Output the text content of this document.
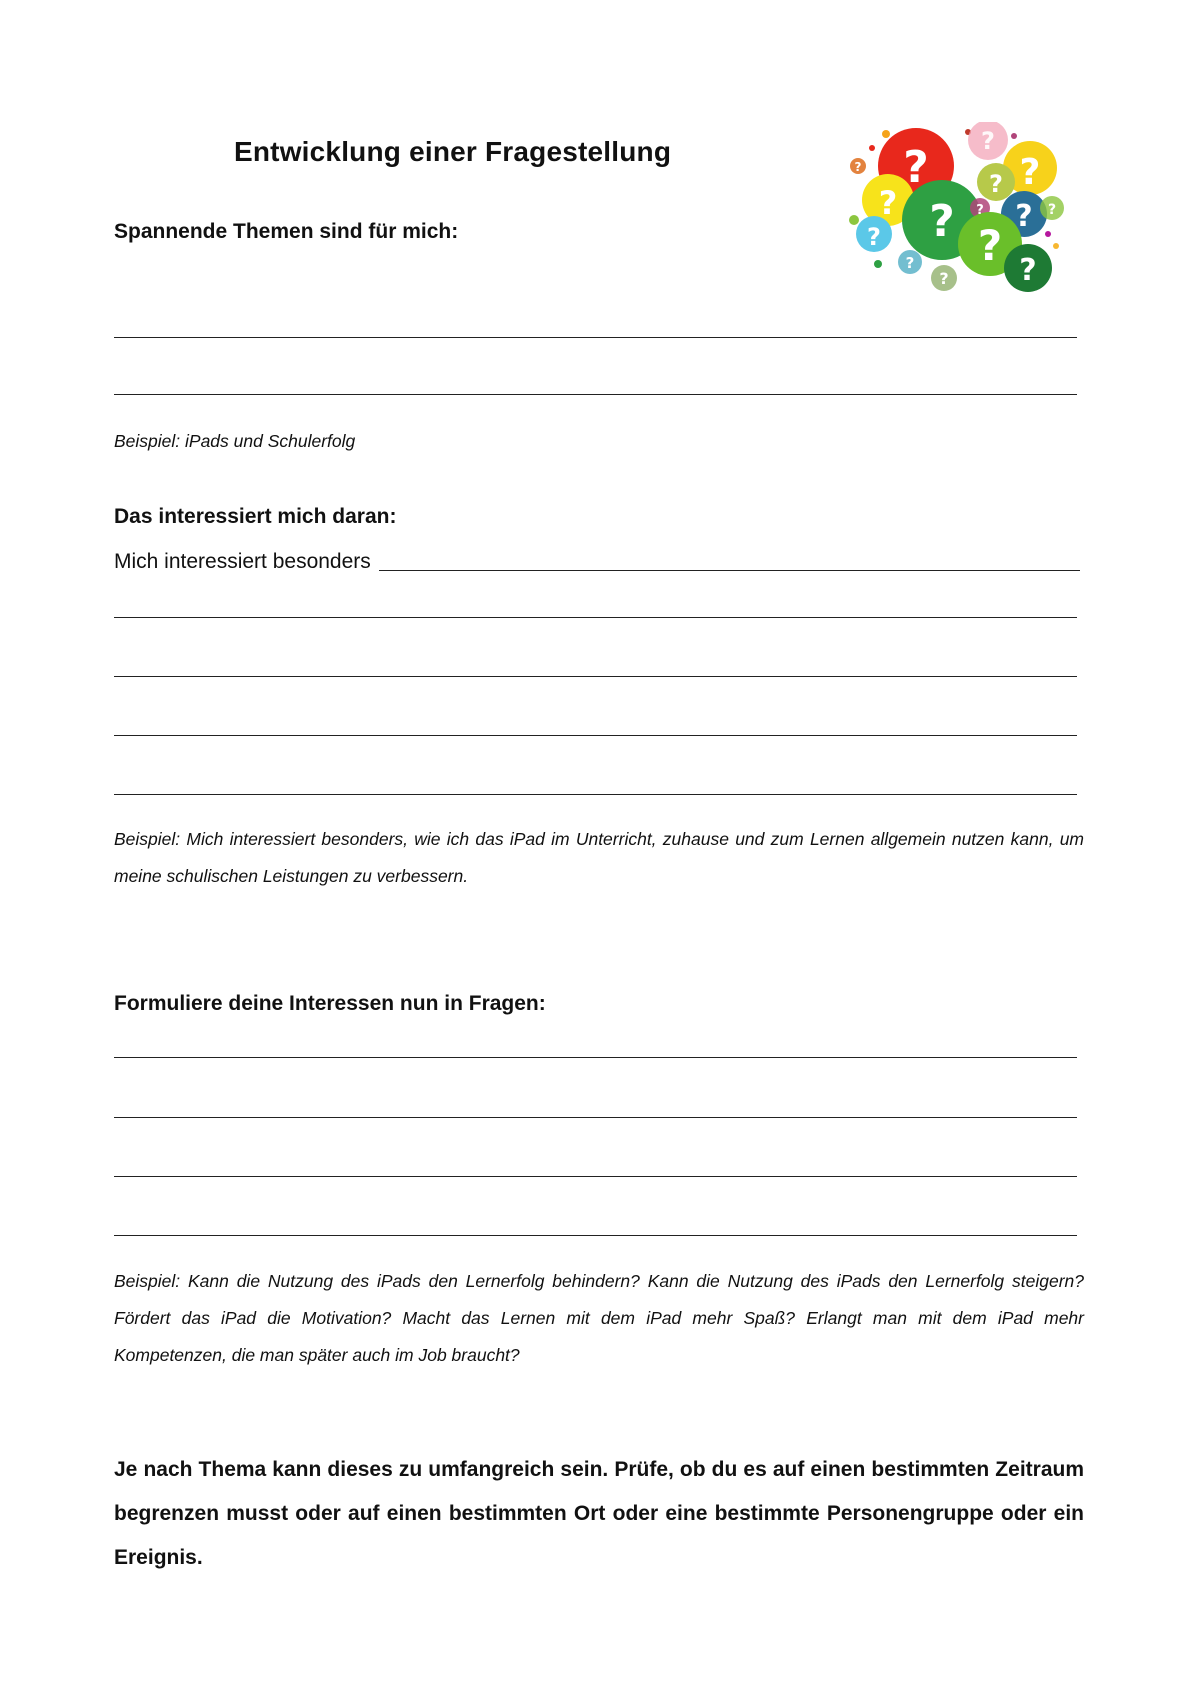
Entwicklung einer Fragestellung	?
?
?
? ?
?
? ?
?
?
?
? ?
? ?
Spannende Themen sind für mich:

Beispiel: iPads und Schulerfolg

Das interessiert mich daran:
Mich interessiert besonders

Beispiel: Mich interessiert besonders, wie ich das iPad im Unterricht, zuhause und zum Lernen allgemein nutzen kann, um meine schulischen Leistungen zu verbessern.

Formuliere deine Interessen nun in Fragen:

Beispiel: Kann die Nutzung des iPads den Lernerfolg behindern? Kann die Nutzung des iPads den Lernerfolg steigern? Fördert das iPad die Motivation? Macht das Lernen mit dem iPad mehr Spaß? Erlangt man mit dem iPad mehr Kompetenzen, die man später auch im Job braucht?

Je nach Thema kann dieses zu umfangreich sein. Prüfe, ob du es auf einen bestimmten Zeitraum begrenzen musst oder auf einen bestimmten Ort oder eine bestimmte Personengruppe oder ein Ereignis.
